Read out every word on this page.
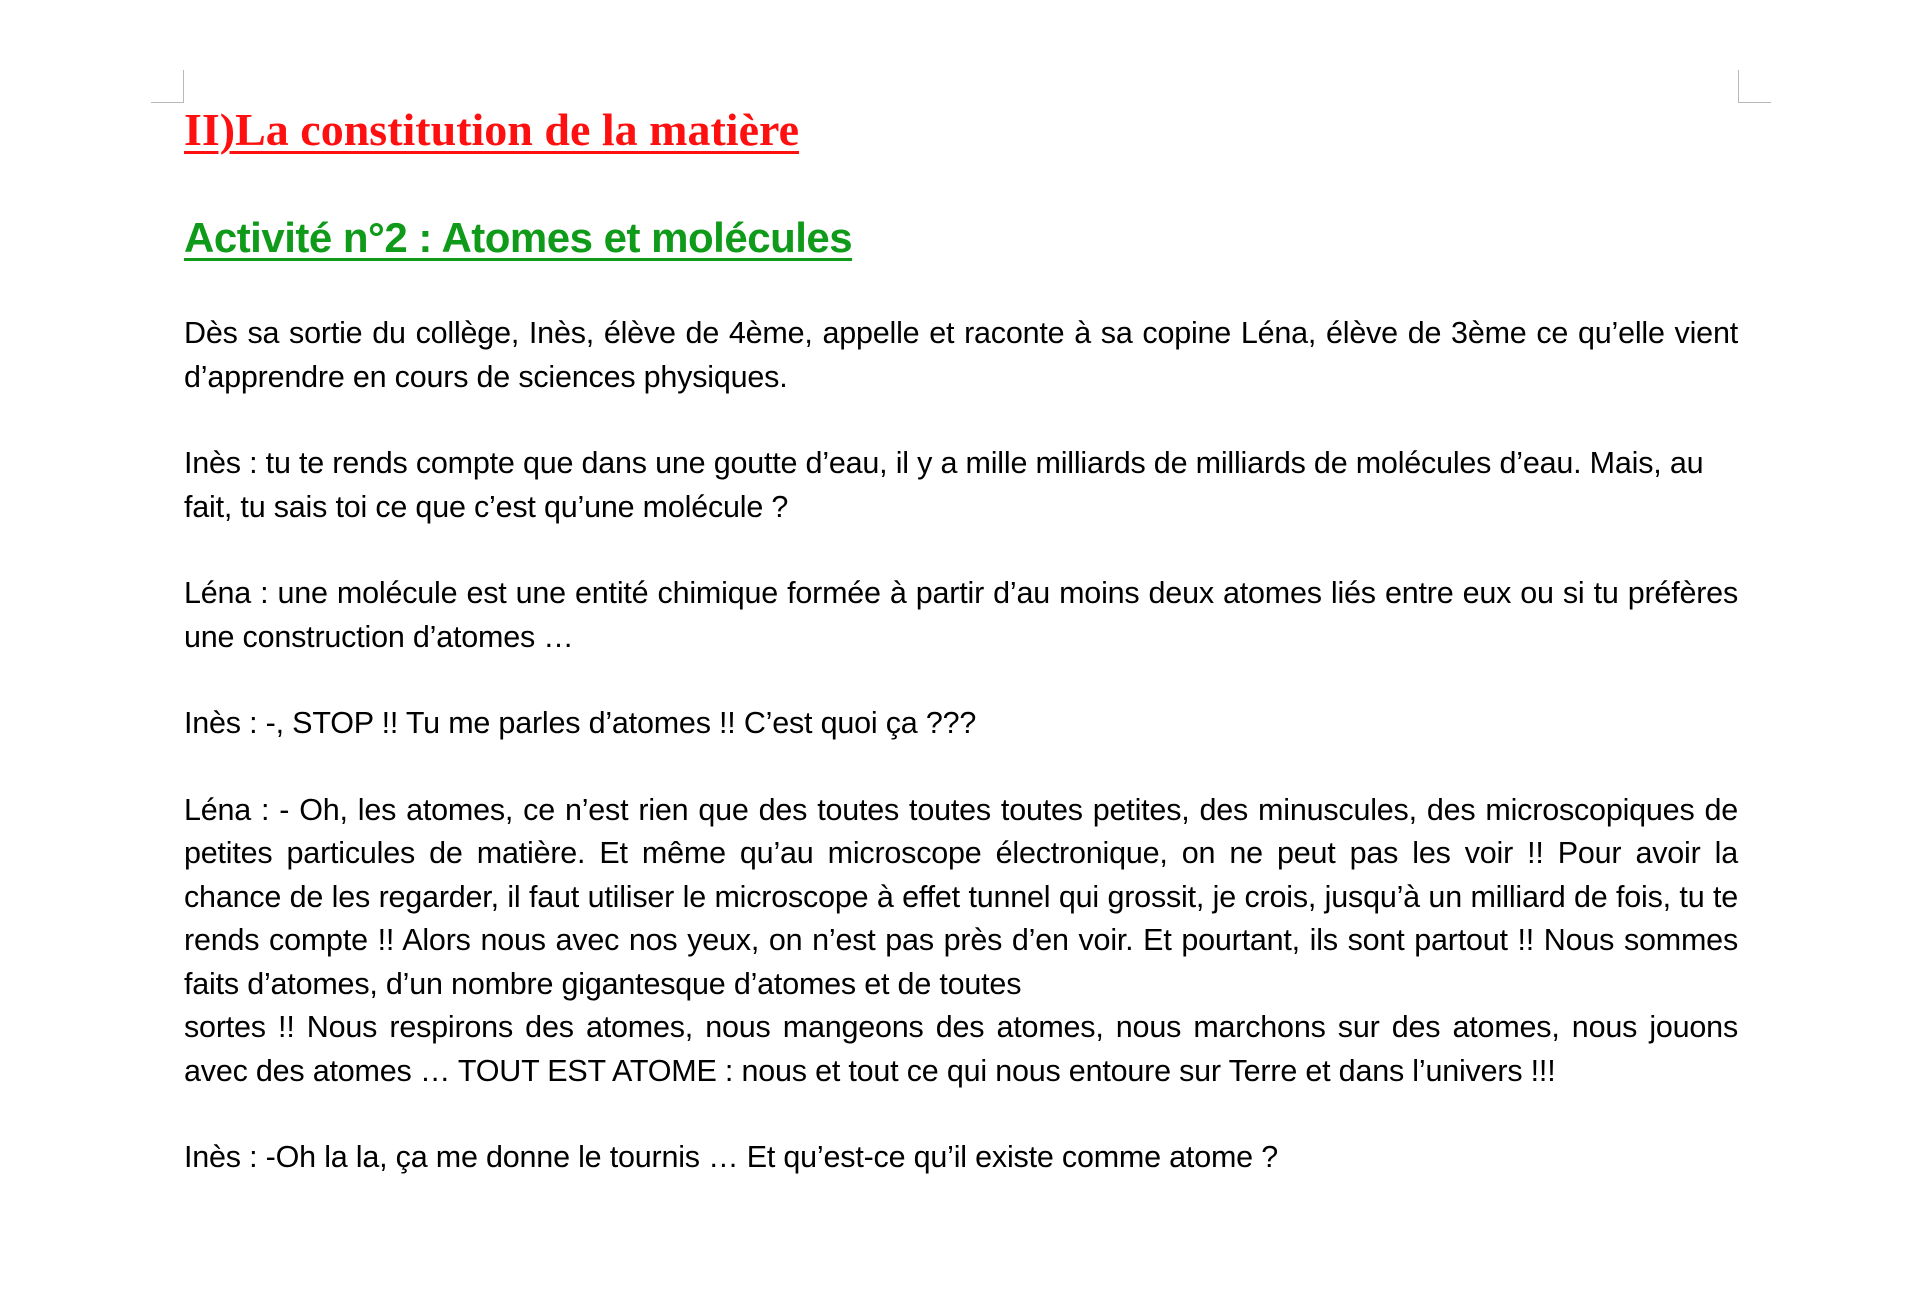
II)La constitution de la matière
Activité n°2 : Atomes et molécules

Dès sa sortie du collège, Inès, élève de 4ème, appelle et raconte à sa copine Léna, élève de 3ème ce qu’elle vient d’apprendre en cours de sciences physiques.

Inès : tu te rends compte que dans une goutte d’eau, il y a mille milliards de milliards de molécules d’eau. Mais, au fait, tu sais toi ce que c’est qu’une molécule ?

Léna : une molécule est une entité chimique formée à partir d’au moins deux atomes liés entre eux ou si tu préfères une construction d’atomes …

Inès : -, STOP !! Tu me parles d’atomes !! C’est quoi ça ???

Léna : - Oh, les atomes, ce n’est rien que des toutes toutes toutes petites, des minuscules, des microscopiques de petites particules de matière. Et même qu’au microscope électronique, on ne peut pas les voir !! Pour avoir la chance de les regarder, il faut utiliser le microscope à effet tunnel qui grossit, je crois, jusqu’à un milliard de fois, tu te rends compte !! Alors nous avec nos yeux, on n’est pas près d’en voir. Et pourtant, ils sont partout !! Nous sommes faits d’atomes, d’un nombre gigantesque d’atomes et de toutes

sortes !! Nous respirons des atomes, nous mangeons des atomes, nous marchons sur des atomes, nous jouons avec des atomes … TOUT EST ATOME : nous et tout ce qui nous entoure sur Terre et dans l’univers !!!

Inès : -Oh la la, ça me donne le tournis … Et qu’est-ce qu’il existe comme atome ?
